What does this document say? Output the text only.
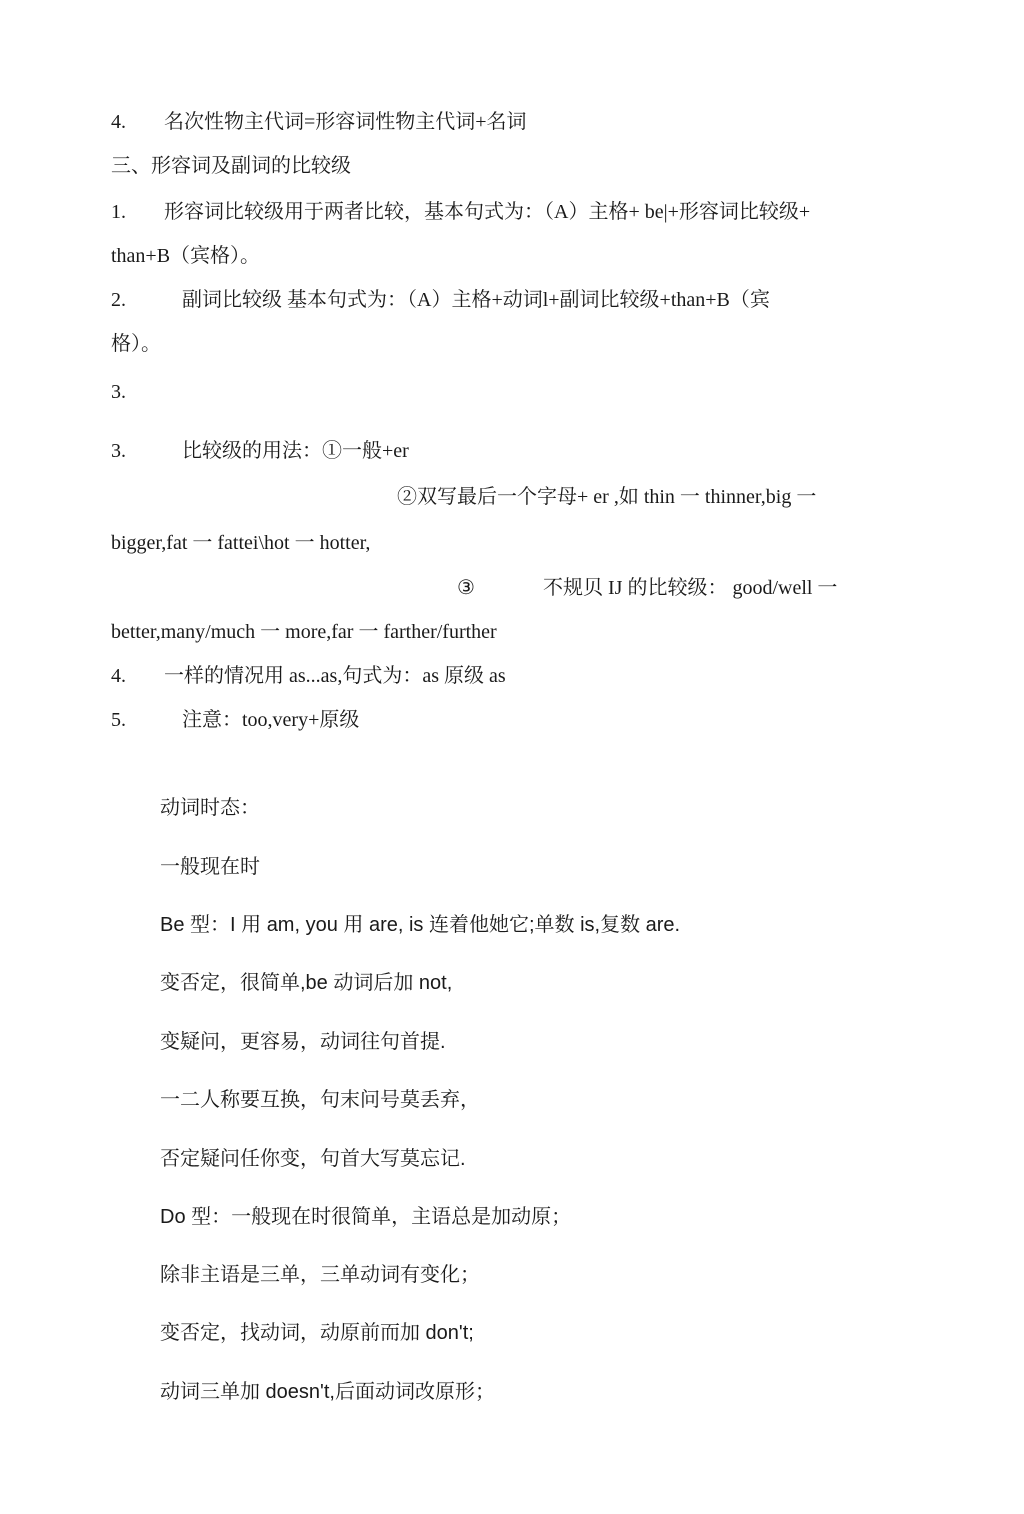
4. 名次性物主代词=形容词性物主代词+名词
三、形容词及副词的比较级
1. 形容词比较级用于两者比较，基本句式为：（A）主格+ be|+形容词比较级+
than+B（宾格）。
2.	副词比较级 基本句式为：（A）主格+动词l+副词比较级+than+B（宾
格）。
3.
3.	比较级的用法：①一般+er
②双写最后一个字母+ er ,如 thin 一 thinner,big 一
bigger,fat 一 fattei\hot 一 hotter,
③	不规贝 IJ 的比较级： good/well 一
better,many/much 一 more,far 一 farther/further
4. 一样的情况用 as...as,句式为：as 原级 as
5.	注意：too,very+原级
动词时态：
一般现在时
Be 型：I 用 am, you 用 are, is 连着他她它;单数 is,复数 are.
变否定，很简单,be 动词后加 not,
变疑问，更容易，动词往句首提.
一二人称要互换，句末问号莫丢弃，
否定疑问任你变，句首大写莫忘记.
Do 型：一般现在时很简单，主语总是加动原；
除非主语是三单，三单动词有变化；
变否定，找动词，动原前而加 don't;
动词三单加 doesn't,后面动词改原形；
